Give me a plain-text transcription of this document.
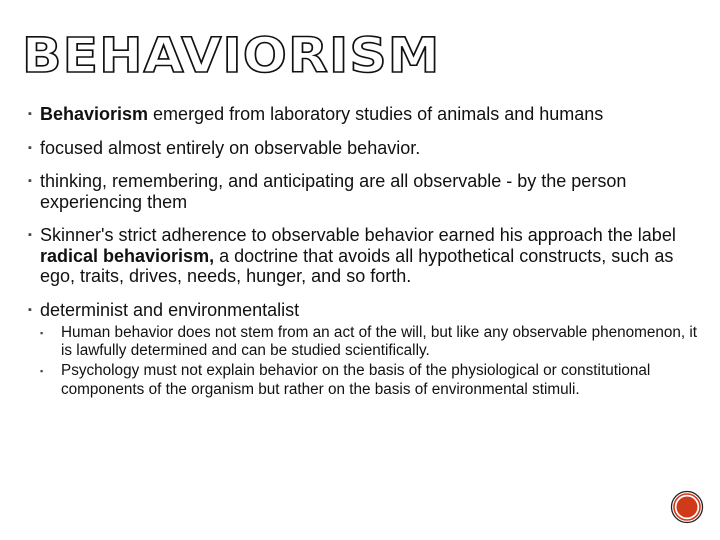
BEHAVIORISM
▪ Behaviorism emerged from laboratory studies of animals and humans
▪ focused almost entirely on observable behavior.
▪ thinking, remembering, and anticipating are all observable - by the person experiencing them
▪ Skinner's strict adherence to observable behavior earned his approach the label radical behaviorism, a doctrine that avoids all hypothetical constructs, such as ego, traits, drives, needs, hunger, and so forth.
▪ determinist and environmentalist
▪ Human behavior does not stem from an act of the will, but like any observable phenomenon, it is lawfully determined and can be studied scientifically.
▪ Psychology must not explain behavior on the basis of the physiological or constitutional components of the organism but rather on the basis of environmental stimuli.
